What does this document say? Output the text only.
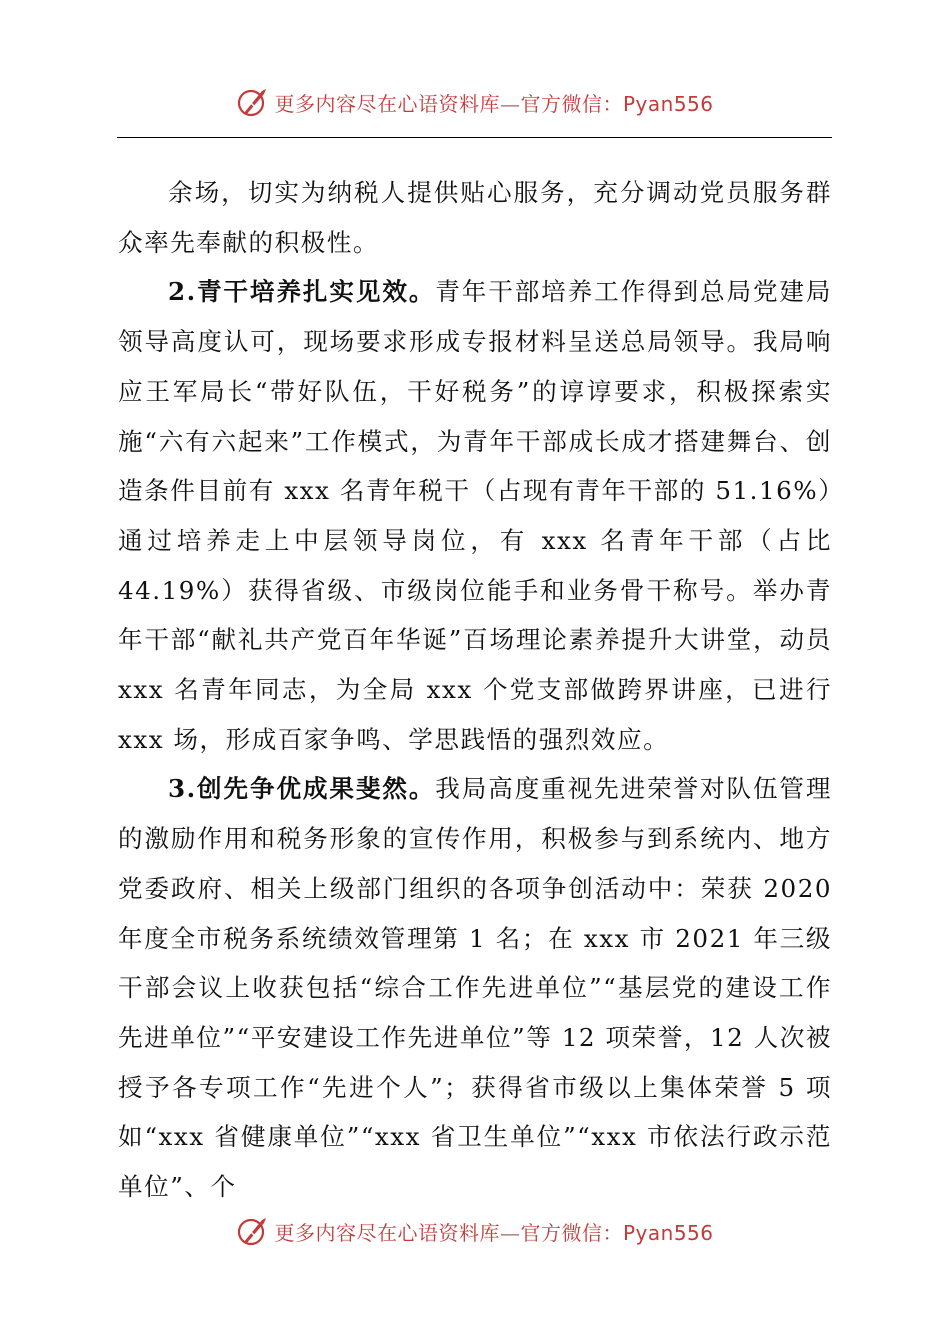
更多内容尽在心语资料库—官方微信：Pyan556

余场，切实为纳税人提供贴心服务，充分调动党员服务群众率先奉献的积极性。

2.青干培养扎实见效。青年干部培养工作得到总局党建局领导高度认可，现场要求形成专报材料呈送总局领导。我局响应王军局长“带好队伍，干好税务”的谆谆要求，积极探索实施“六有六起来”工作模式，为青年干部成长成才搭建舞台、创造条件目前有 xxx 名青年税干（占现有青年干部的 51.16%）通过培养走上中层领导岗位，有 xxx 名青年干部（占比 44.19%）获得省级、市级岗位能手和业务骨干称号。举办青年干部“献礼共产党百年华诞”百场理论素养提升大讲堂，动员 xxx 名青年同志，为全局 xxx 个党支部做跨界讲座，已进行 xxx 场，形成百家争鸣、学思践悟的强烈效应。

3.创先争优成果斐然。我局高度重视先进荣誉对队伍管理的激励作用和税务形象的宣传作用，积极参与到系统内、地方党委政府、相关上级部门组织的各项争创活动中：荣获 2020 年度全市税务系统绩效管理第 1 名；在 xxx 市 2021 年三级干部会议上收获包括“综合工作先进单位”“基层党的建设工作先进单位”“平安建设工作先进单位”等 12 项荣誉，12 人次被授予各专项工作“先进个人”；获得省市级以上集体荣誉 5 项如“xxx 省健康单位”“xxx 省卫生单位”“xxx 市依法行政示范单位”、个

更多内容尽在心语资料库—官方微信：Pyan556
